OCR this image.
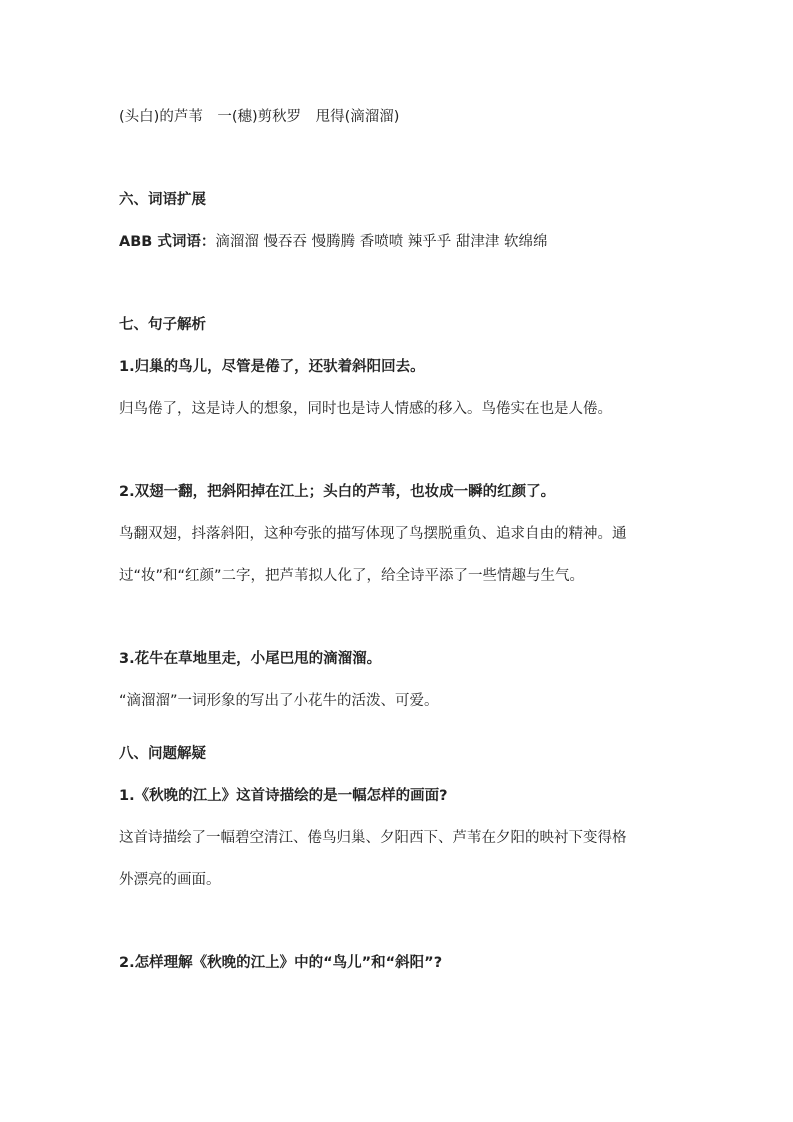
(头白)的芦苇　一(穗)剪秋罗　甩得(滴溜溜)
六、词语扩展
ABB 式词语：滴溜溜 慢吞吞 慢腾腾 香喷喷 辣乎乎 甜津津 软绵绵
七、句子解析
1.归巢的鸟儿，尽管是倦了，还驮着斜阳回去。
归鸟倦了，这是诗人的想象，同时也是诗人情感的移入。鸟倦实在也是人倦。
2.双翅一翻，把斜阳掉在江上；头白的芦苇，也妆成一瞬的红颜了。
鸟翻双翅，抖落斜阳，这种夸张的描写体现了鸟摆脱重负、追求自由的精神。通
过“妆”和“红颜”二字，把芦苇拟人化了，给全诗平添了一些情趣与生气。
3.花牛在草地里走，小尾巴甩的滴溜溜。
“滴溜溜”一词形象的写出了小花牛的活泼、可爱。
八、问题解疑
1.《秋晚的江上》这首诗描绘的是一幅怎样的画面?
这首诗描绘了一幅碧空清江、倦鸟归巢、夕阳西下、芦苇在夕阳的映衬下变得格
外漂亮的画面。
2.怎样理解《秋晚的江上》中的“鸟儿”和“斜阳”?
